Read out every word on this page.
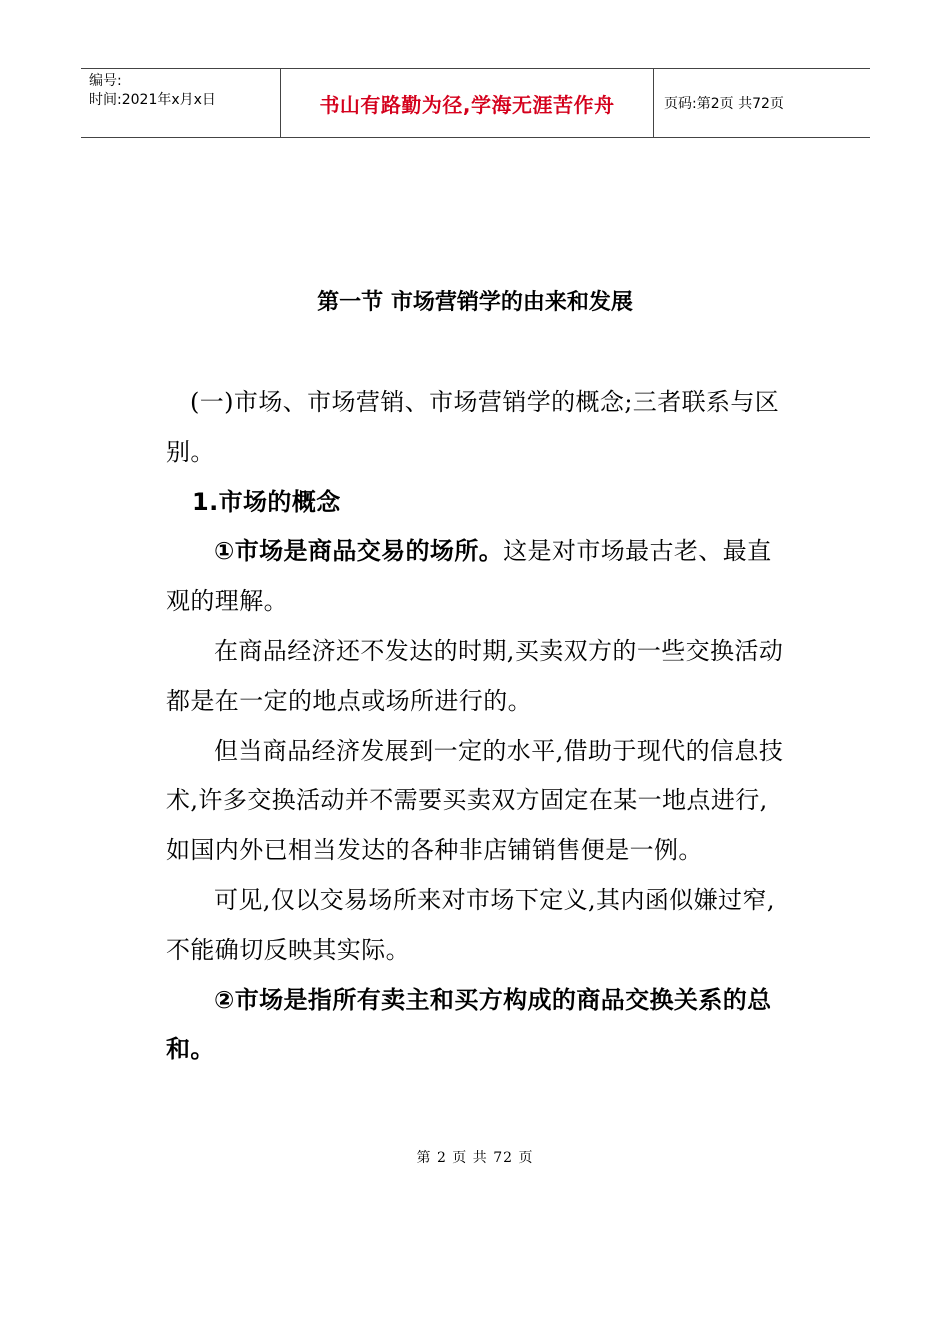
编号:
时间:2021年x月x日	书山有路勤为径,学海无涯苦作舟	页码:第2页 共72页
第一节 市场营销学的由来和发展

(一)市场、市场营销、市场营销学的概念;三者联系与区别。

1.市场的概念

①市场是商品交易的场所。这是对市场最古老、最直观的理解。

在商品经济还不发达的时期,买卖双方的一些交换活动都是在一定的地点或场所进行的。

但当商品经济发展到一定的水平,借助于现代的信息技术,许多交换活动并不需要买卖双方固定在某一地点进行,如国内外已相当发达的各种非店铺销售便是一例。

可见,仅以交易场所来对市场下定义,其内函似嫌过窄,不能确切反映其实际。

②市场是指所有卖主和买方构成的商品交换关系的总和。

第 2 页 共 72 页
